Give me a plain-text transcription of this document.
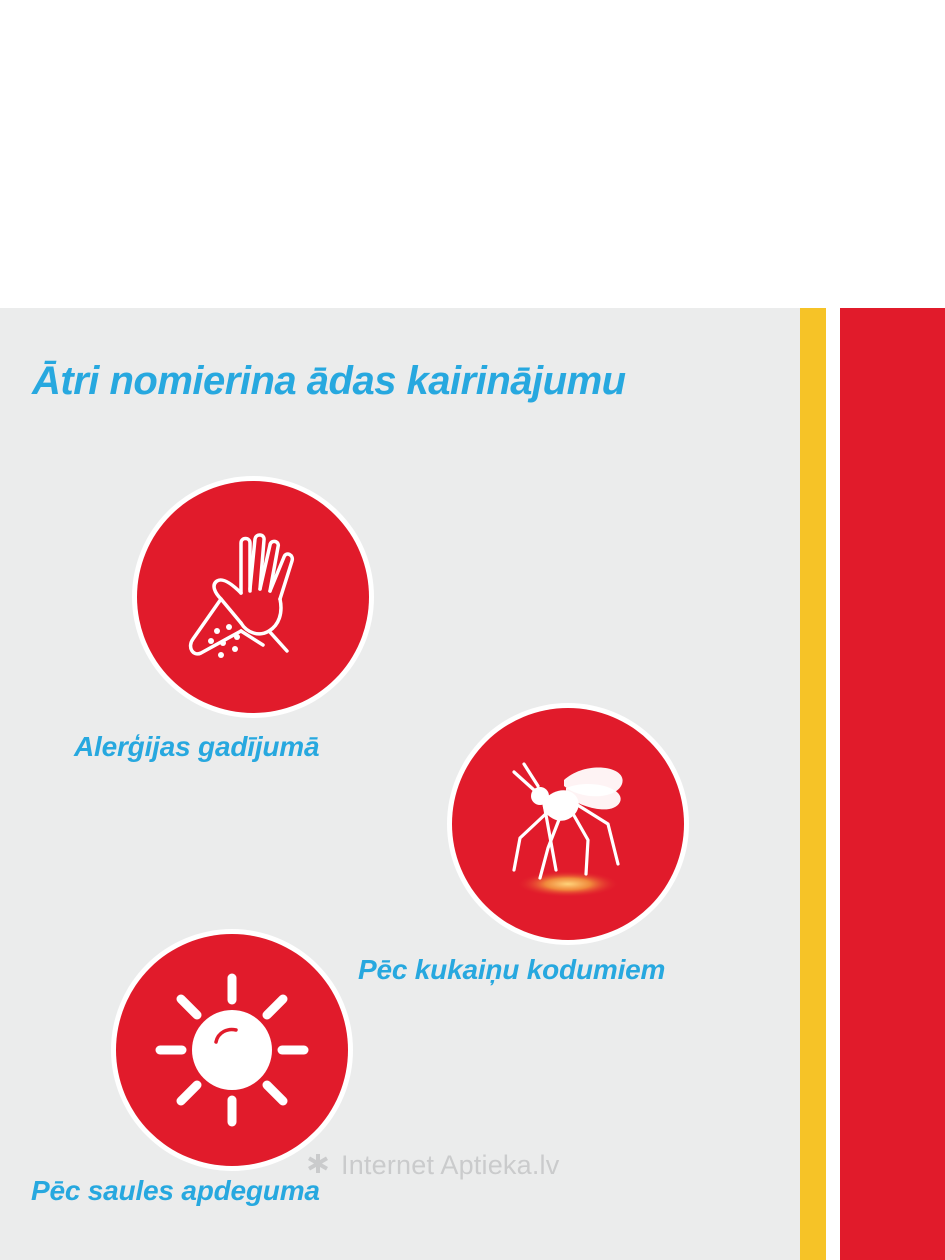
Ātri nomierina ādas kairinājumu
Alerģijas gadījumā
Pēc kukaiņu kodumiem
Pēc saules apdeguma
Internet Aptieka.lv
